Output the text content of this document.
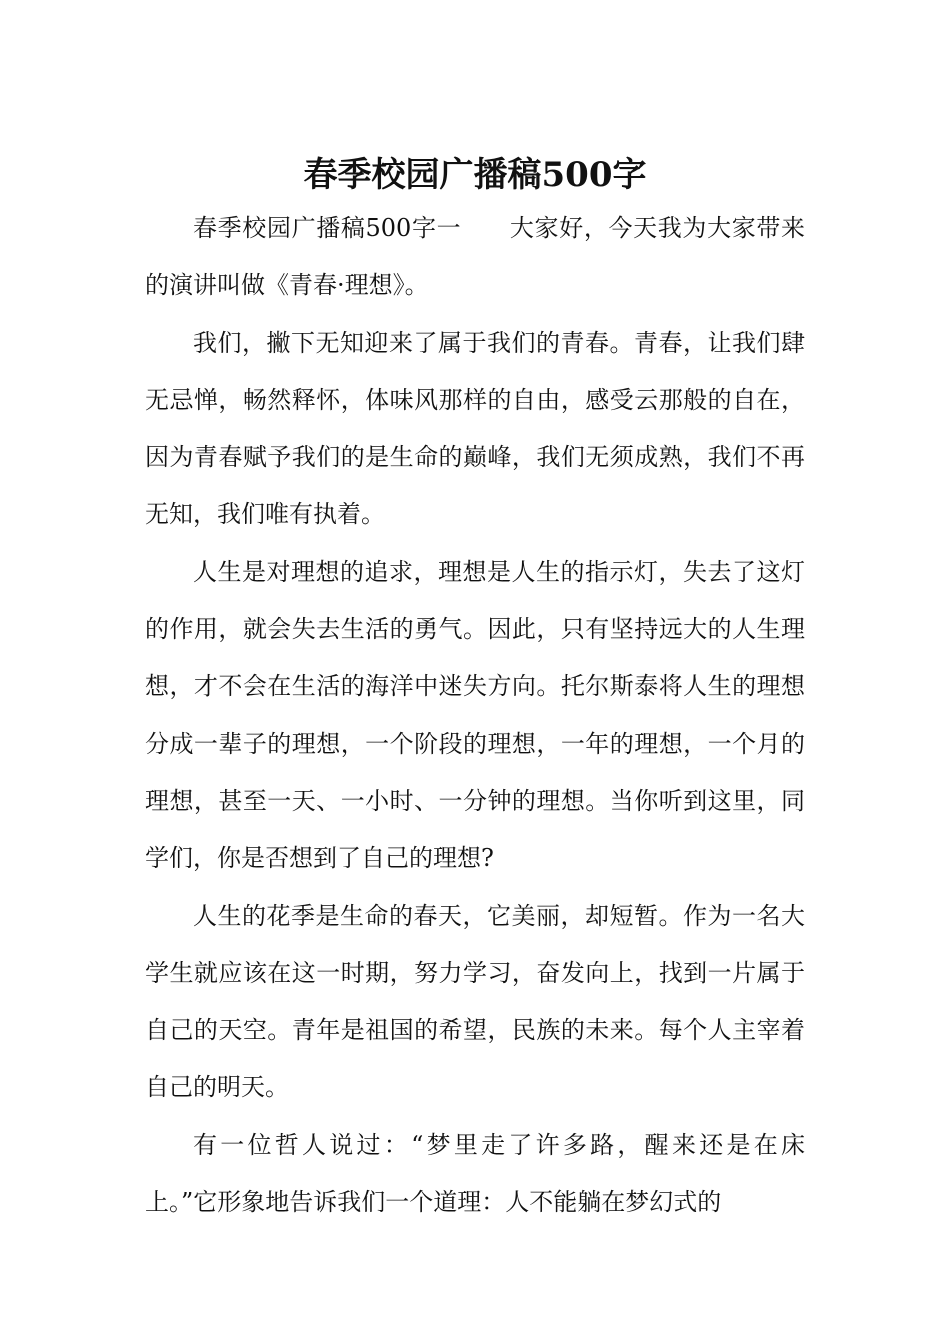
春季校园广播稿500字

春季校园广播稿500字一 大家好，今天我为大家带来的演讲叫做《青春·理想》。

我们，撇下无知迎来了属于我们的青春。青春，让我们肆无忌惮，畅然释怀，体味风那样的自由，感受云那般的自在，因为青春赋予我们的是生命的巅峰，我们无须成熟，我们不再无知，我们唯有执着。

人生是对理想的追求，理想是人生的指示灯，失去了这灯的作用，就会失去生活的勇气。因此，只有坚持远大的人生理想，才不会在生活的海洋中迷失方向。托尔斯泰将人生的理想分成一辈子的理想，一个阶段的理想，一年的理想，一个月的理想，甚至一天、一小时、一分钟的理想。当你听到这里，同学们，你是否想到了自己的理想?

人生的花季是生命的春天，它美丽，却短暂。作为一名大学生就应该在这一时期，努力学习，奋发向上，找到一片属于自己的天空。青年是祖国的希望，民族的未来。每个人主宰着自己的明天。

有一位哲人说过：“梦里走了许多路，醒来还是在床上。”它形象地告诉我们一个道理：人不能躺在梦幻式的
